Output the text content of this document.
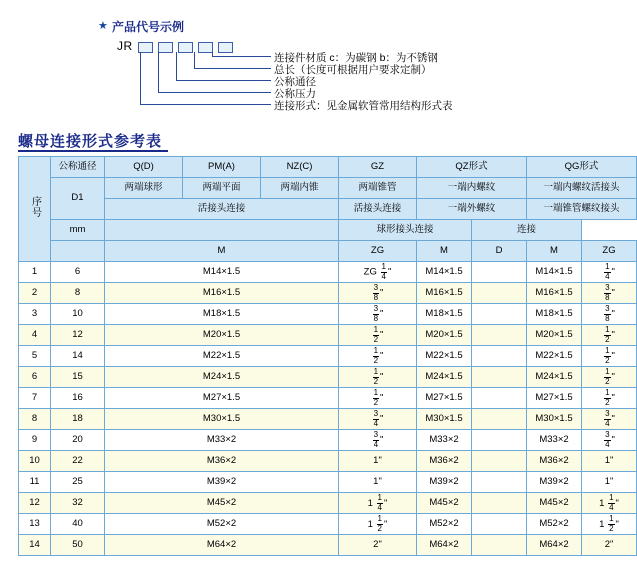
★ 产品代号示例
JR
连接件材质 c：为碳钢 b：为不锈钢
总长（长度可根据用户要求定制）
公称通径
公称压力
连接形式：见金属软管常用结构形式表
螺母连接形式参考表
序号	公称通径	Q(D)	PM(A)	NZ(C)	GZ	QZ形式		QG形式	
	D1	两端球形	两端平面	两端内锥	两端锥管	一端内螺纹		一端内螺纹活接头	
		活接头连接			活接头连接	一端外螺纹		一端锥管螺纹接头	
	mm				球形接头连接		连接		
		M			ZG	M	D	M	ZG
1	6	M14×1.5			ZG $\frac{1}{4}$ "	M14×1.5		M14×1.5	$\frac{1}{4}$ "
2	8	M16×1.5			$\frac{3}{8}$ "	M16×1.5		M16×1.5	$\frac{3}{8}$ "
3	10	M18×1.5			$\frac{3}{8}$ "	M18×1.5		M18×1.5	$\frac{3}{8}$ "
4	12	M20×1.5			$\frac{1}{2}$ "	M20×1.5		M20×1.5	$\frac{1}{2}$ "
5	14	M22×1.5			$\frac{1}{2}$ "	M22×1.5		M22×1.5	$\frac{1}{2}$ "
6	15	M24×1.5			$\frac{1}{2}$ "	M24×1.5		M24×1.5	$\frac{1}{2}$ "
7	16	M27×1.5			$\frac{1}{2}$ "	M27×1.5		M27×1.5	$\frac{1}{2}$ "
8	18	M30×1.5			$\frac{3}{4}$ "	M30×1.5		M30×1.5	$\frac{3}{4}$ "
9	20	M33×2			$\frac{3}{4}$ "	M33×2		M33×2	$\frac{3}{4}$ "
10	22	M36×2			1"	M36×2		M36×2	1"
11	25	M39×2			1"	M39×2		M39×2	1"
12	32	M45×2			$1 \frac{1}{4}$ "	M45×2		M45×2	$1 \frac{1}{4}$ "
13	40	M52×2			$1 \frac{1}{2}$ "	M52×2		M52×2	$1 \frac{1}{2}$ "
14	50	M64×2			2"	M64×2		M64×2	2"
